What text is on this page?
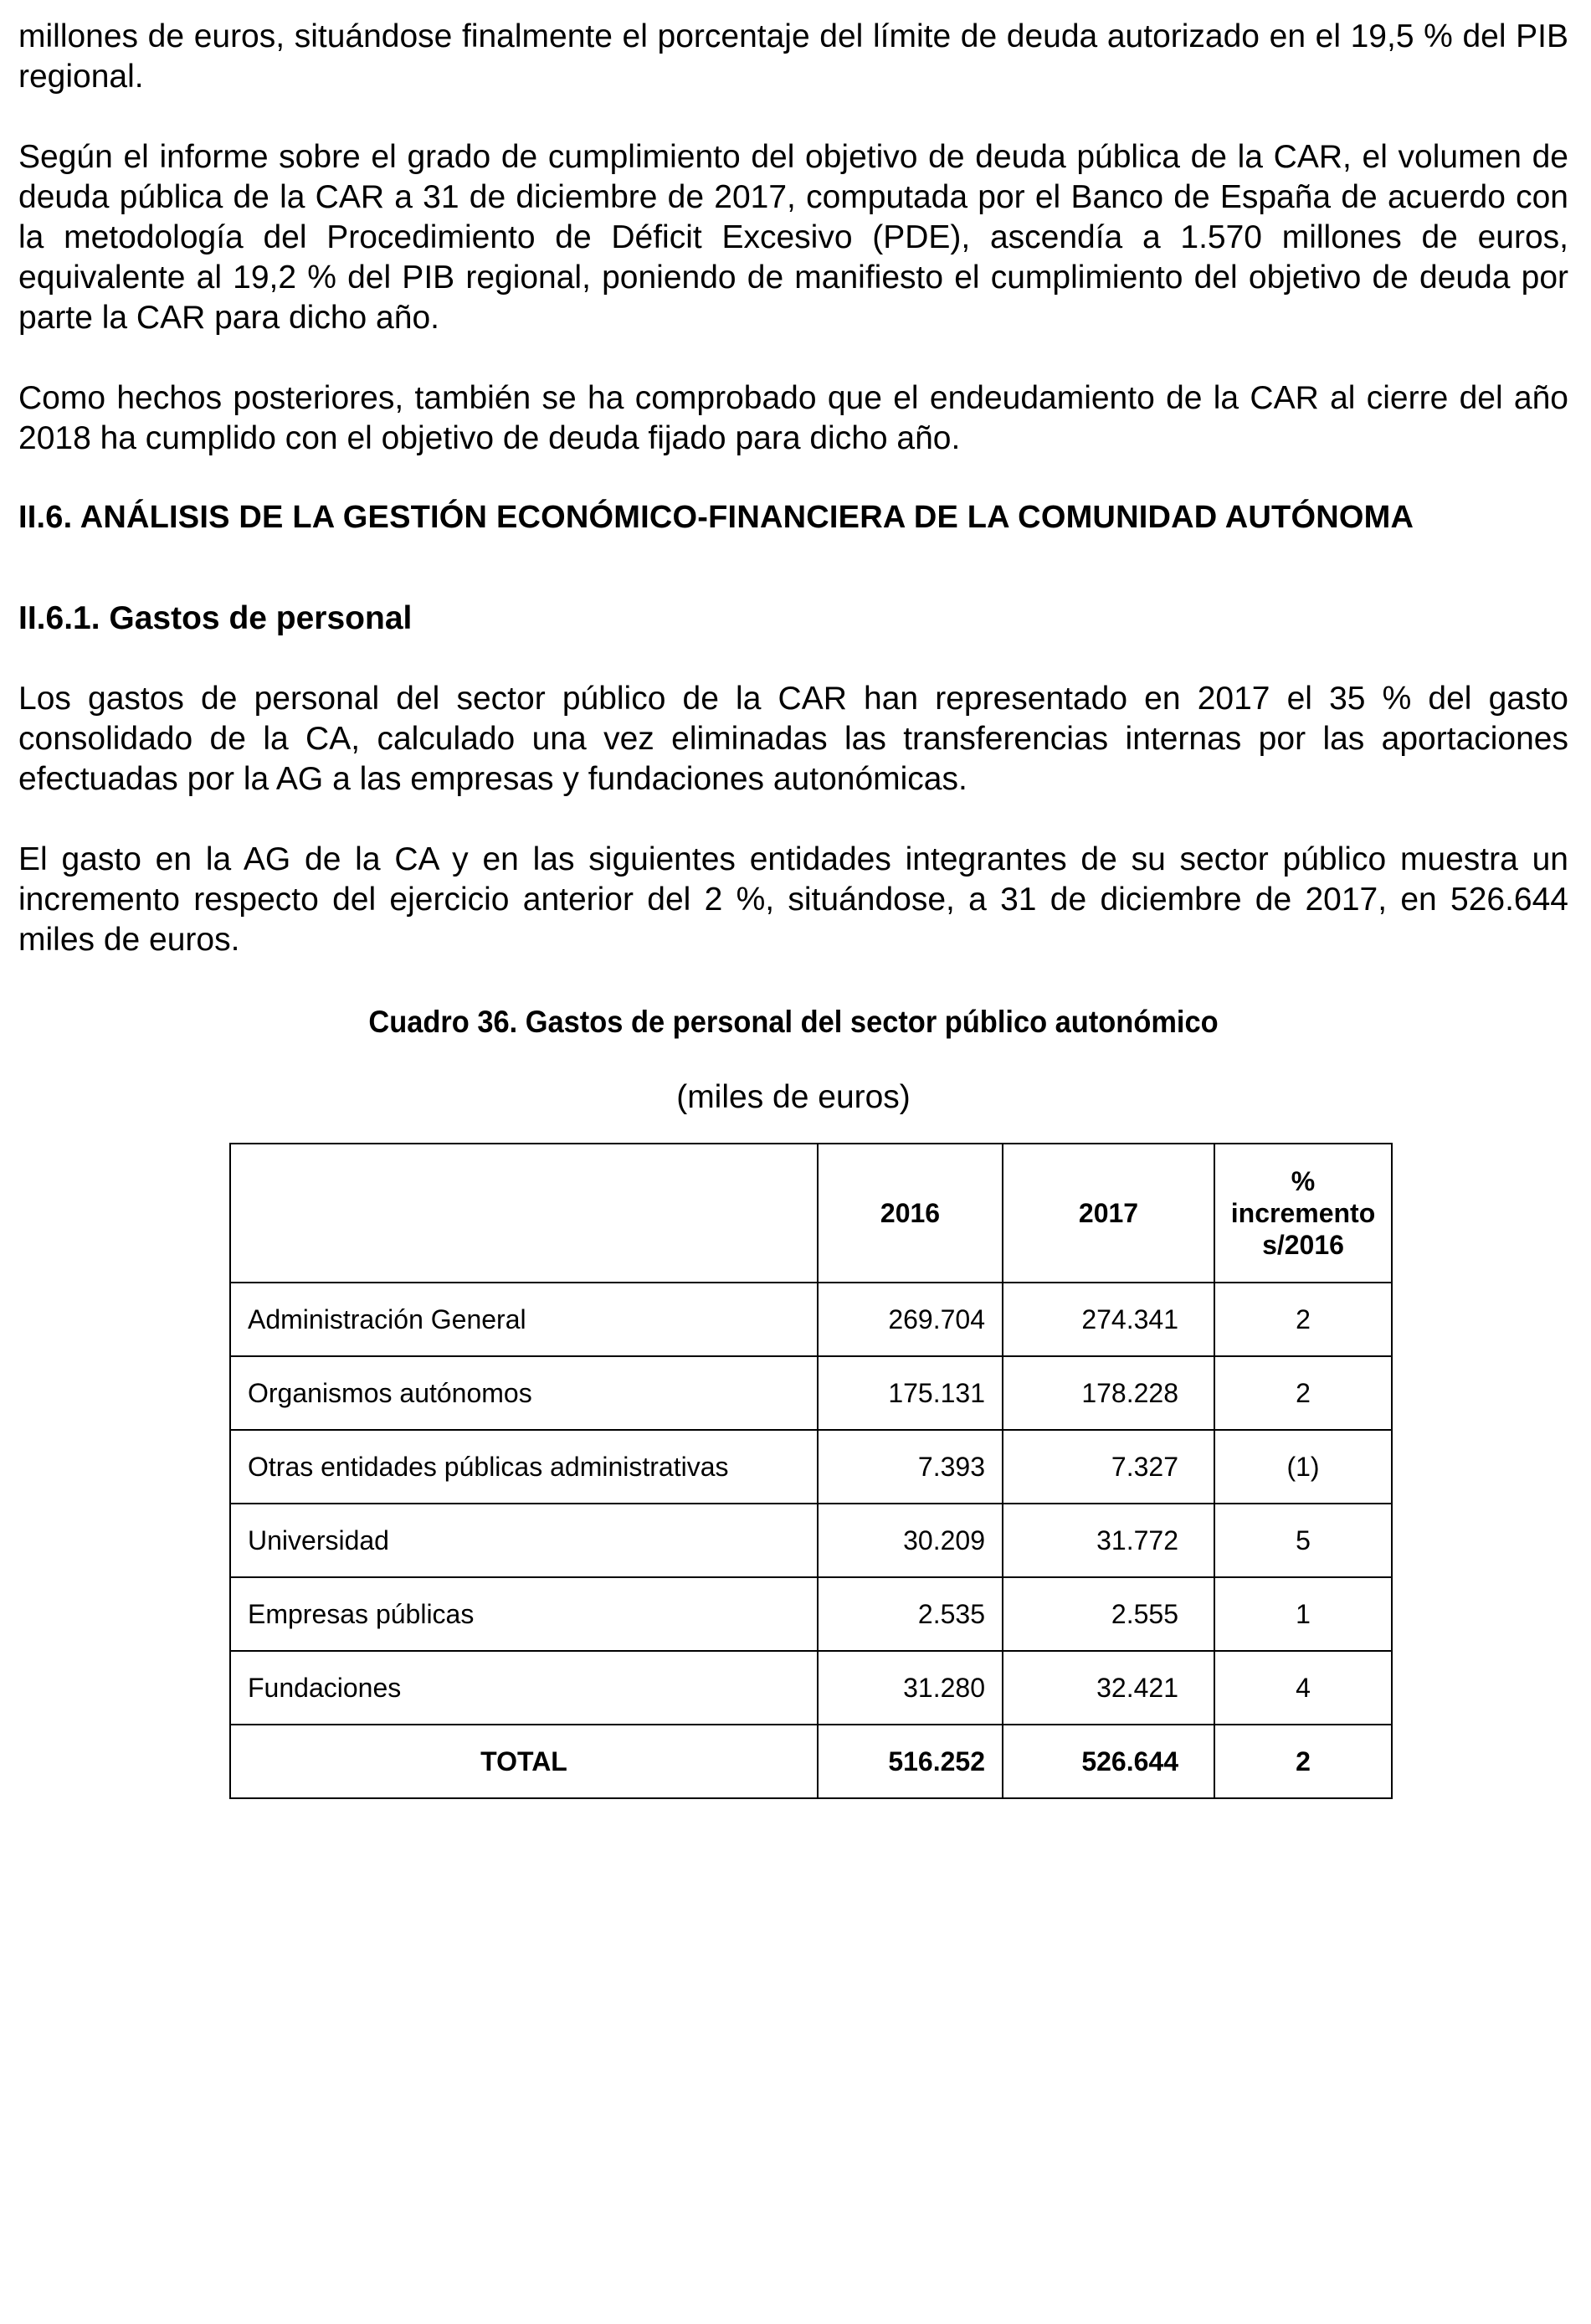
millones de euros, situándose finalmente el porcentaje del límite de deuda autorizado en el 19,5 % del PIB regional.

Según el informe sobre el grado de cumplimiento del objetivo de deuda pública de la CAR, el volumen de deuda pública de la CAR a 31 de diciembre de 2017, computada por el Banco de España de acuerdo con la metodología del Procedimiento de Déficit Excesivo (PDE), ascendía a 1.570 millones de euros, equivalente al 19,2 % del PIB regional, poniendo de manifiesto el cumplimiento del objetivo de deuda por parte la CAR para dicho año.

Como hechos posteriores, también se ha comprobado que el endeudamiento de la CAR al cierre del año 2018 ha cumplido con el objetivo de deuda fijado para dicho año.

II.6. ANÁLISIS DE LA GESTIÓN ECONÓMICO-FINANCIERA DE LA COMUNIDAD AUTÓNOMA
II.6.1. Gastos de personal

Los gastos de personal del sector público de la CAR han representado en 2017 el 35 % del gasto consolidado de la CA, calculado una vez eliminadas las transferencias internas por las aportaciones efectuadas por la AG a las empresas y fundaciones autonómicas.

El gasto en la AG de la CA y en las siguientes entidades integrantes de su sector público muestra un incremento respecto del ejercicio anterior del 2 %, situándose, a 31 de diciembre de 2017, en 526.644 miles de euros.

Cuadro 36. Gastos de personal del sector público autonómico
(miles de euros)
	2016	2017	%
incremento
s/2016
Administración General	269.704	274.341	2
Organismos autónomos	175.131	178.228	2
Otras entidades públicas administrativas	7.393	7.327	(1)
Universidad	30.209	31.772	5
Empresas públicas	2.535	2.555	1
Fundaciones	31.280	32.421	4
TOTAL	516.252	526.644	2
